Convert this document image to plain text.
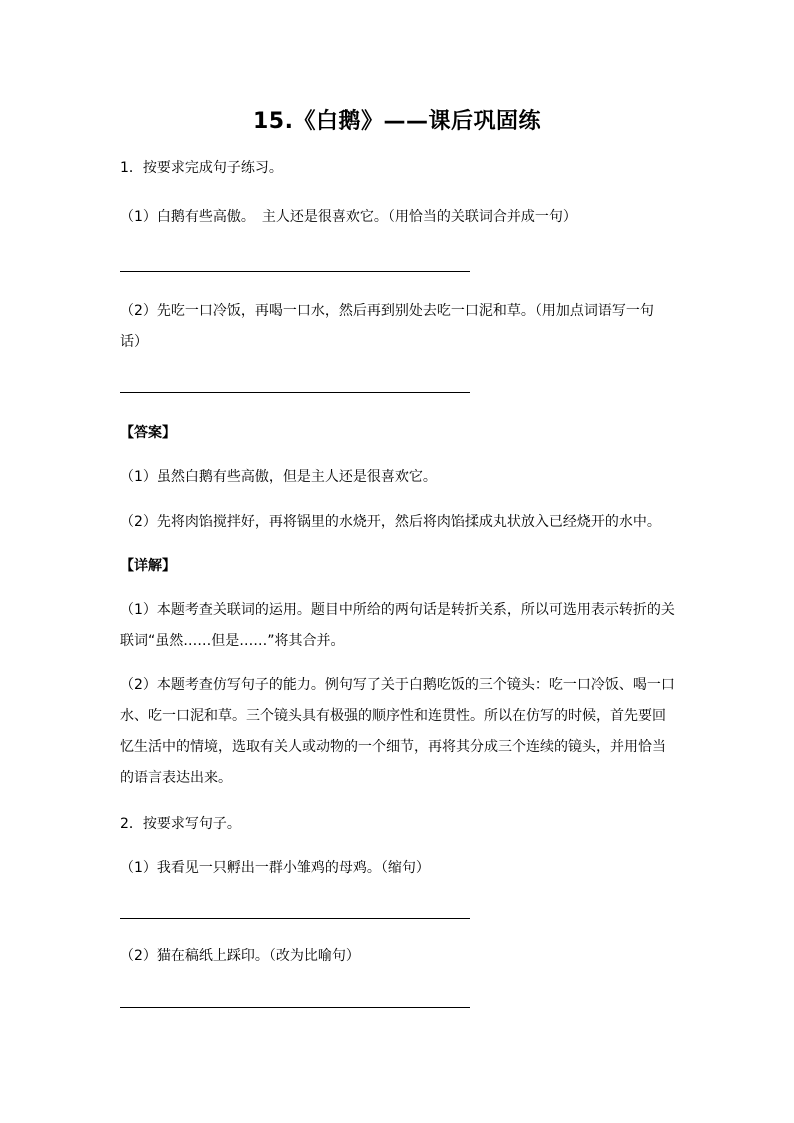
15.《白鹅》——课后巩固练
1．按要求完成句子练习。
（1）白鹅有些高傲。　主人还是很喜欢它。（用恰当的关联词合并成一句）
（2）先吃一口冷饭，再喝一口水，然后再到别处去吃一口泥和草。（用加点词语写一句
话）
【答案】
（1）虽然白鹅有些高傲，但是主人还是很喜欢它。
（2）先将肉馅搅拌好，再将锅里的水烧开，然后将肉馅揉成丸状放入已经烧开的水中。
【详解】
（1）本题考查关联词的运用。题目中所给的两句话是转折关系，所以可选用表示转折的关
联词“虽然……但是……”将其合并。
（2）本题考查仿写句子的能力。例句写了关于白鹅吃饭的三个镜头：吃一口冷饭、喝一口
水、吃一口泥和草。三个镜头具有极强的顺序性和连贯性。所以在仿写的时候，首先要回
忆生活中的情境，选取有关人或动物的一个细节，再将其分成三个连续的镜头，并用恰当
的语言表达出来。
2．按要求写句子。
（1）我看见一只孵出一群小雏鸡的母鸡。（缩句）
（2）猫在稿纸上踩印。（改为比喻句）
